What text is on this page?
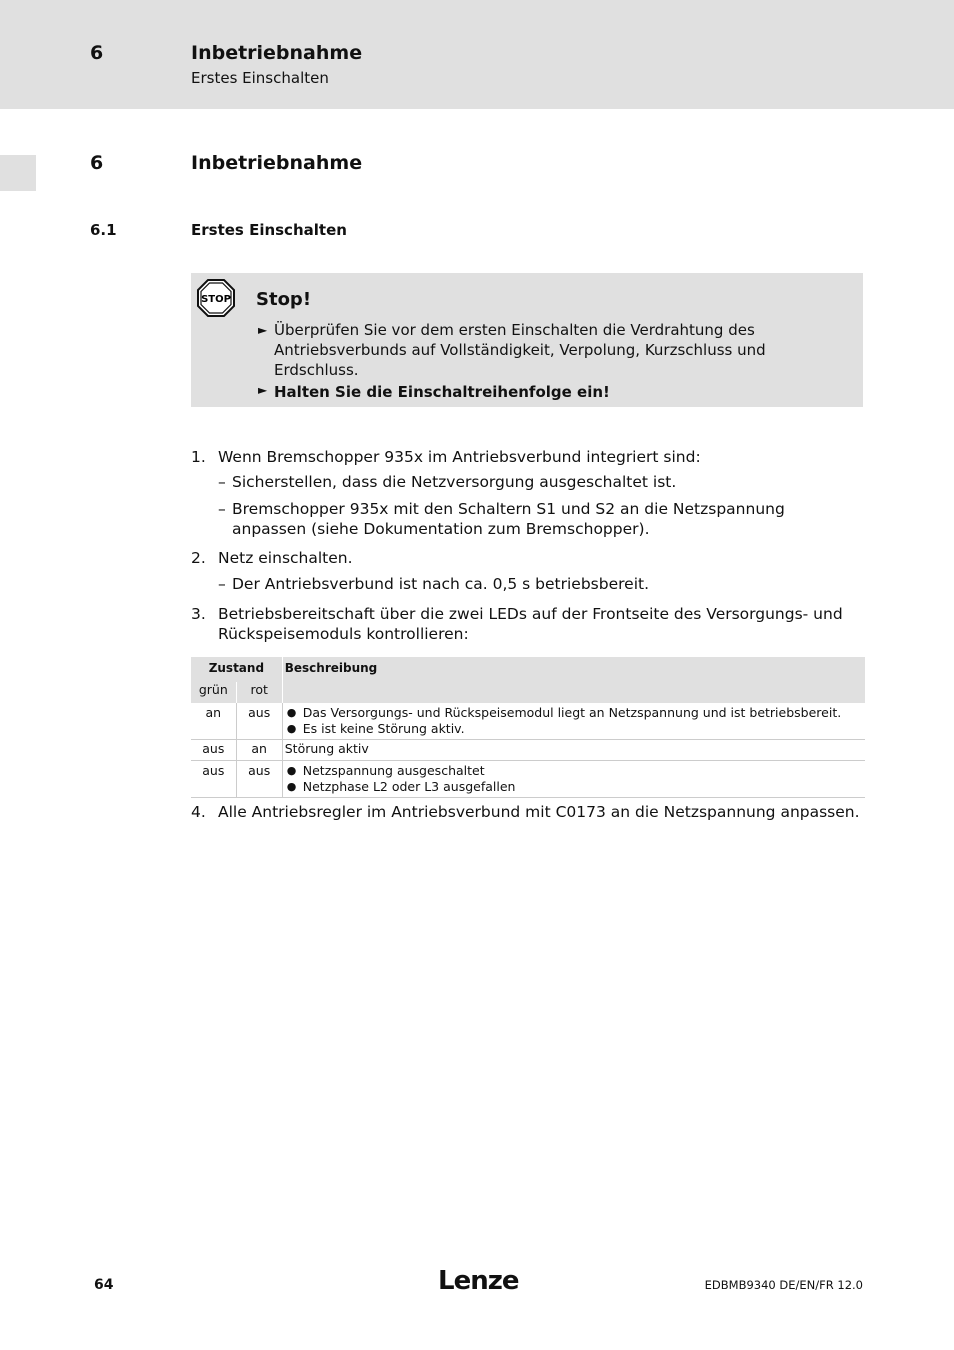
6	Inbetriebnahme
Erstes Einschalten
6	Inbetriebnahme
6.1	Erstes Einschalten
STOP Stop!
► Überprüfen Sie vor dem ersten Einschalten die Verdrahtung des Antriebsverbunds auf Vollständigkeit, Verpolung, Kurzschluss und Erdschluss.
► Halten Sie die Einschaltreihenfolge ein!
1. Wenn Bremschopper 935x im Antriebsverbund integriert sind:
– Sicherstellen, dass die Netzversorgung ausgeschaltet ist.
– Bremschopper 935x mit den Schaltern S1 und S2 an die Netzspannung anpassen (siehe Dokumentation zum Bremschopper).
2. Netz einschalten.
– Der Antriebsverbund ist nach ca. 0,5 s betriebsbereit.
3. Betriebsbereitschaft über die zwei LEDs auf der Frontseite des Versorgungs- und Rückspeisemoduls kontrollieren:
Zustand		Beschreibung
grün	rot	
an	aus	● Das Versorgungs- und Rückspeisemodul liegt an Netzspannung und ist betriebsbereit.
● Es ist keine Störung aktiv.

aus	an	Störung aktiv
aus	aus	● Netzspannung ausgeschaltet
● Netzphase L2 oder L3 ausgefallen
4. Alle Antriebsregler im Antriebsverbund mit C0173 an die Netzspannung anpassen.
64	Lenze	EDBMB9340 DE/EN/FR 12.0
